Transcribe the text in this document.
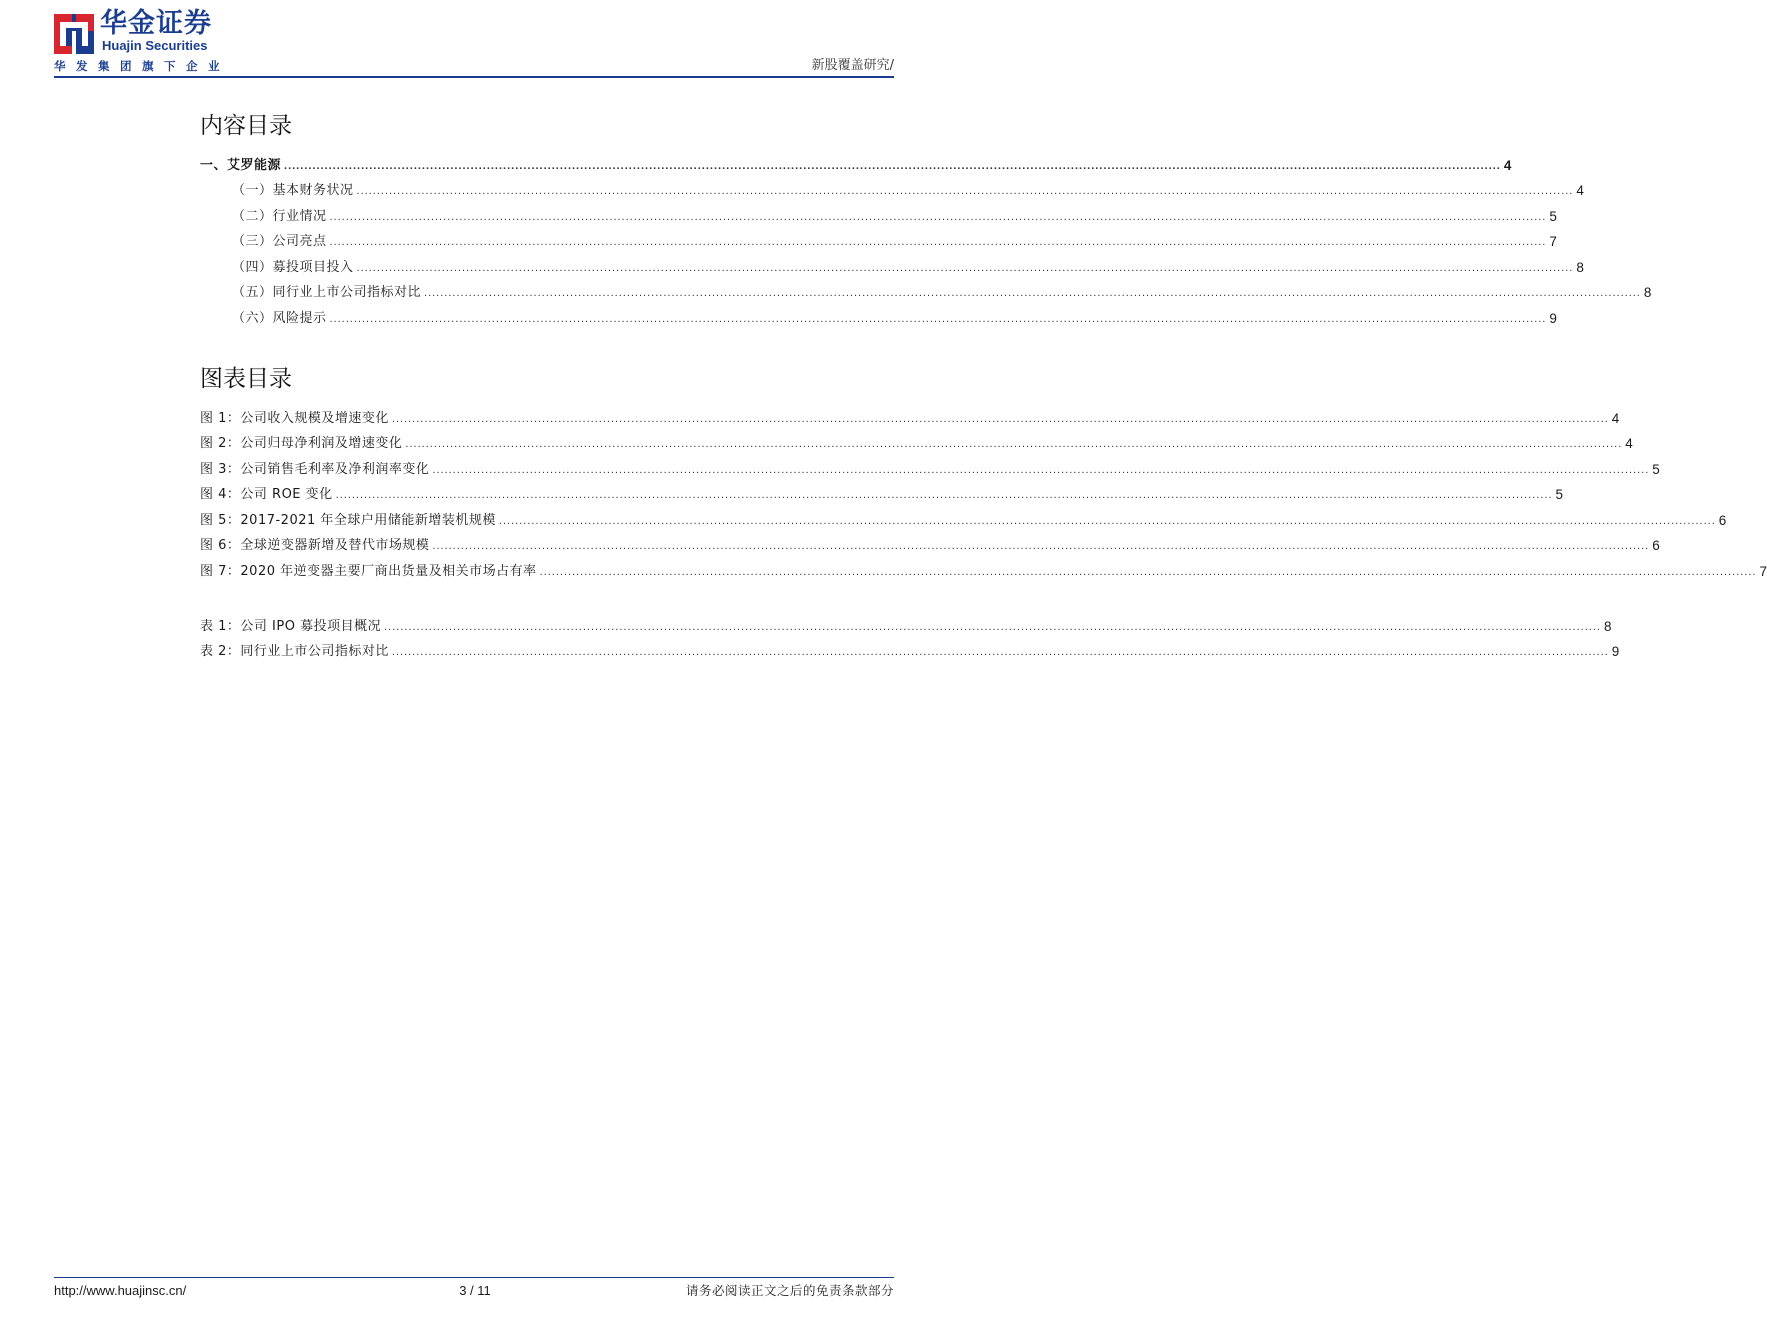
华金证券
Huajin Securities
华发集团旗下企业	新股覆盖研究/
内容目录
一、艾罗能源 ............................................................................................................................................................................................................................................................................................................ 4
（一）基本财务状况 ............................................................................................................................................................................................................................................................................................................ 4
（二）行业情况 ............................................................................................................................................................................................................................................................................................................ 5
（三）公司亮点 ............................................................................................................................................................................................................................................................................................................ 7
（四）募投项目投入 ............................................................................................................................................................................................................................................................................................................ 8
（五）同行业上市公司指标对比 ............................................................................................................................................................................................................................................................................................................ 8
（六）风险提示 ............................................................................................................................................................................................................................................................................................................ 9
图表目录
图 1：公司收入规模及增速变化 ............................................................................................................................................................................................................................................................................................................ 4
图 2：公司归母净利润及增速变化 ............................................................................................................................................................................................................................................................................................................ 4
图 3：公司销售毛利率及净利润率变化 ............................................................................................................................................................................................................................................................................................................ 5
图 4：公司 ROE 变化 ............................................................................................................................................................................................................................................................................................................ 5
图 5：2017-2021 年全球户用储能新增装机规模 ............................................................................................................................................................................................................................................................................................................ 6
图 6：全球逆变器新增及替代市场规模 ............................................................................................................................................................................................................................................................................................................ 6
图 7：2020 年逆变器主要厂商出货量及相关市场占有率 ............................................................................................................................................................................................................................................................................................................ 7
表 1：公司 IPO 募投项目概况 ............................................................................................................................................................................................................................................................................................................ 8
表 2：同行业上市公司指标对比 ............................................................................................................................................................................................................................................................................................................ 9
http://www.huajinsc.cn/	3 / 11	请务必阅读正文之后的免责条款部分
